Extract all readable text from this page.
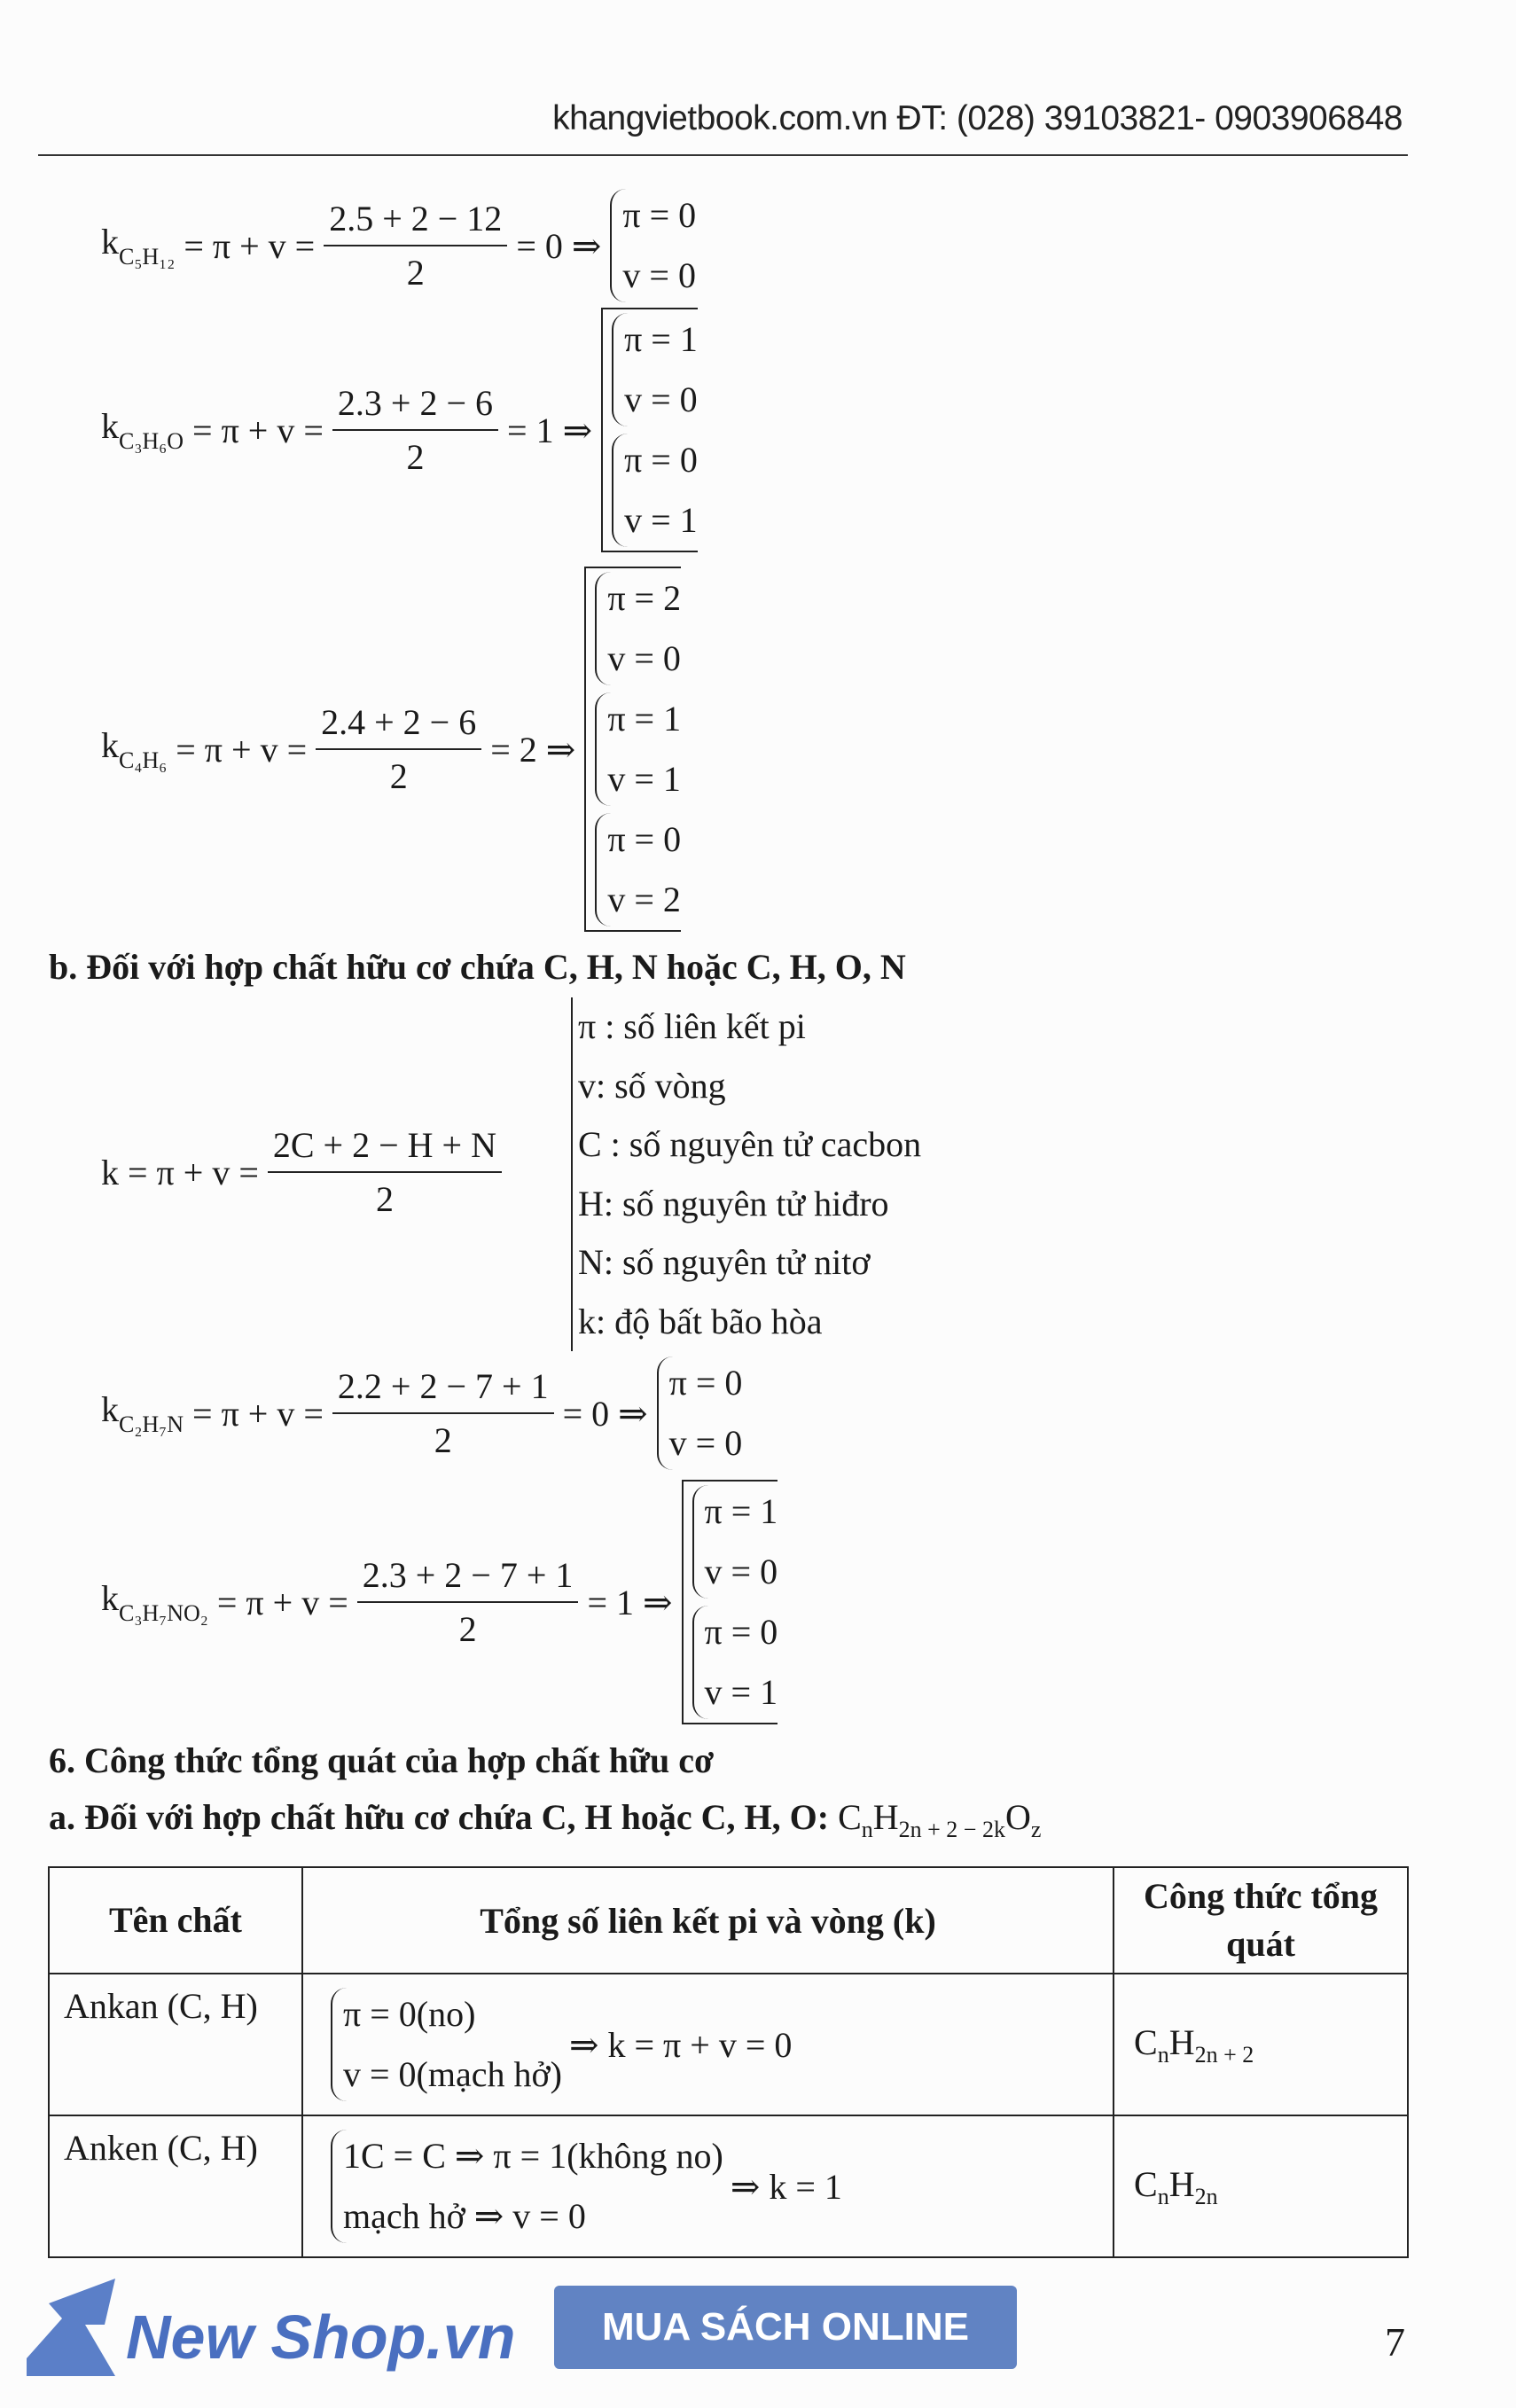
khangvietbook.com.vn ĐT: (028) 39103821- 0903906848
$k_{C_5H_{12}} = \pi + v = \frac{2.5 + 2 - 12}{2} = 0$ ⇒
π = 0
v = 0
$k_{C_3H_6O} = \pi + v = \frac{2.3 + 2 - 6}{2} = 1$ ⇒
π = 1
v = 0
π = 0
v = 1
$k_{C_4H_6} = \pi + v = \frac{2.4 + 2 - 6}{2} = 2$ ⇒
π = 2
v = 0
π = 1
v = 1
π = 0
v = 2
b. Đối với hợp chất hữu cơ chứa C, H, N hoặc C, H, O, N
$k = \pi + v = \frac{2C + 2 - H + N}{2}$
π : số liên kết pi
v: số vòng
C : số nguyên tử cacbon
H: số nguyên tử hiđro
N: số nguyên tử nitơ
k: độ bất bão hòa
$k_{C_2H_7N} = \pi + v = \frac{2.2 + 2 - 7 + 1}{2} = 0$ ⇒
π = 0
v = 0
$k_{C_3H_7NO_2} = \pi + v = \frac{2.3 + 2 - 7 + 1}{2} = 1$ ⇒
π = 1
v = 0
π = 0
v = 1
6. Công thức tổng quát của hợp chất hữu cơ
a. Đối với hợp chất hữu cơ chứa C, H hoặc C, H, O: $C_nH_{2n + 2 - 2k}O_z$
Tên chất	Tổng số liên kết pi và vòng (k)	Công thức tổng quát
Ankan (C, H)	π = 0(no)
v = 0(mạch hở)
⇒ k = π + v = 0	$C_nH_{2n + 2}$
Anken (C, H)	1C = C ⇒ π = 1(không no)
mạch hở ⇒ v = 0
⇒ k = 1	$C_nH_{2n}$
New Shop.vn	MUA SÁCH ONLINE	7
